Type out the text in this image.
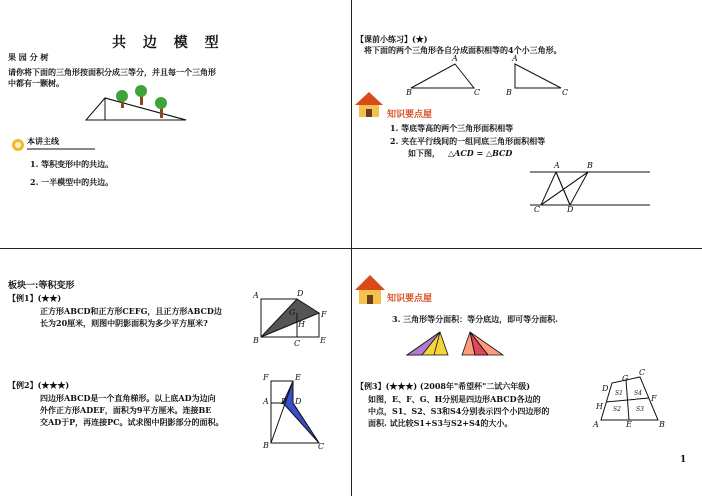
共 边 模 型
果 园 分 树
请你将下面的三角形按面积分成三等分，并且每一个三角形
中都有一颗树。
本讲主线
1. 等积变形中的共边。
2. 一半模型中的共边。
【课前小练习】(★)
将下面的两个三角形各自分成面积相等的4个小三角形。
A
B	C
A
B	C
知识要点屋
1. 等底等高的两个三角形面积相等
2. 夹在平行线间的一组同底三角形面积相等
如下图， △ACD = △BCD
A	B
C	D
板块一:等积变形
【例1】(★★)
正方形ABCD和正方形CEFG，且正方形ABCD边
长为20厘米，则图中阴影面积为多少平方厘米?
A	D
G	F
B	C E
H
【例2】(★★★)
四边形ABCD是一个直角梯形。以上底AD为边向
外作正方形ADEF，面积为9平方厘米。连接BE
交AD于P，再连接PC。试求图中阴影部分的面积。
F	E
A P D
B	C
知识要点屋
3. 三角形等分面积：等分底边，即可等分面积.
【例3】(★★★) (2008年"希望杯"二试六年级)
如图，E、F、G、H分别是四边形ABCD各边的
中点，S1、S2、S3和S4分别表示四个小四边形的
面积. 试比较S1+S3与S2+S4的大小。	A	B
C
D
E
F
G
H
S1
S2	S3
S4
1
